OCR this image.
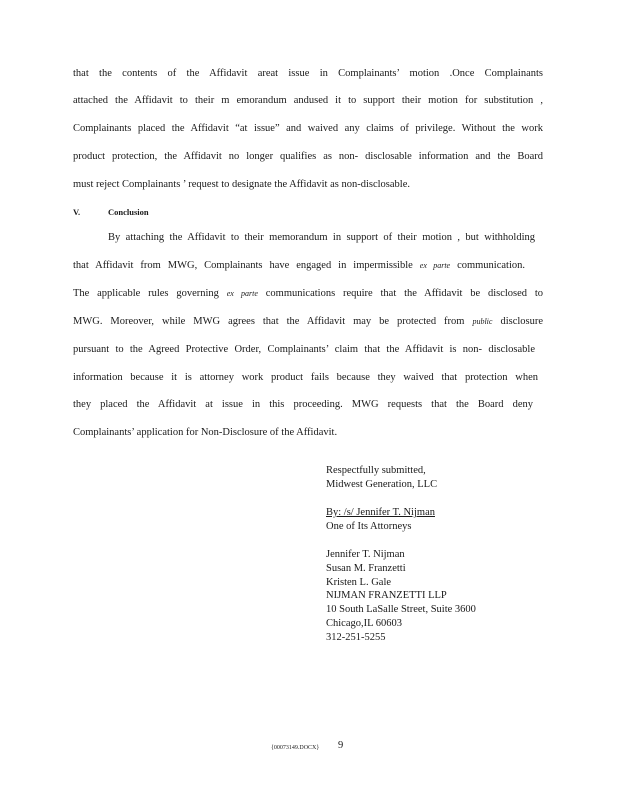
that the contents of the Affidavit areat issue in Complainants’ motion .Once Complainants
attached the Affidavit to their m emorandum andused it to support their motion for substitution ,
Complainants placed the Affidavit “at issue” and waived any claims of privilege. Without the work
product protection, the Affidavit no longer qualifies as non- disclosable information and the Board
must reject Complainants ’ request to designate the Affidavit as non-disclosable.
V.	Conclusion
By attaching the Affidavit to their memorandum in support of their motion , but withholding
that Affidavit from MWG, Complainants have engaged in impermissible ex parte communication.
The applicable rules governing ex parte communications require that the Affidavit be disclosed to
MWG. Moreover, while MWG agrees that the Affidavit may be protected from public disclosure
pursuant to the Agreed Protective Order, Complainants’ claim that the Affidavit is non- disclosable
information because it is attorney work product fails because they waived that protection when
they placed the Affidavit at issue in this proceeding. MWG requests that the Board deny
Complainants’ application for Non-Disclosure of the Affidavit.
Respectfully submitted,
Midwest Generation, LLC
By: /s/ Jennifer T. Nijman
One of Its Attorneys
Jennifer T. Nijman
Susan M. Franzetti
Kristen L. Gale
NIJMAN FRANZETTI LLP
10 South LaSalle Street, Suite 3600
Chicago,IL 60603
312-251-5255
{00073149.DOCX} 9
